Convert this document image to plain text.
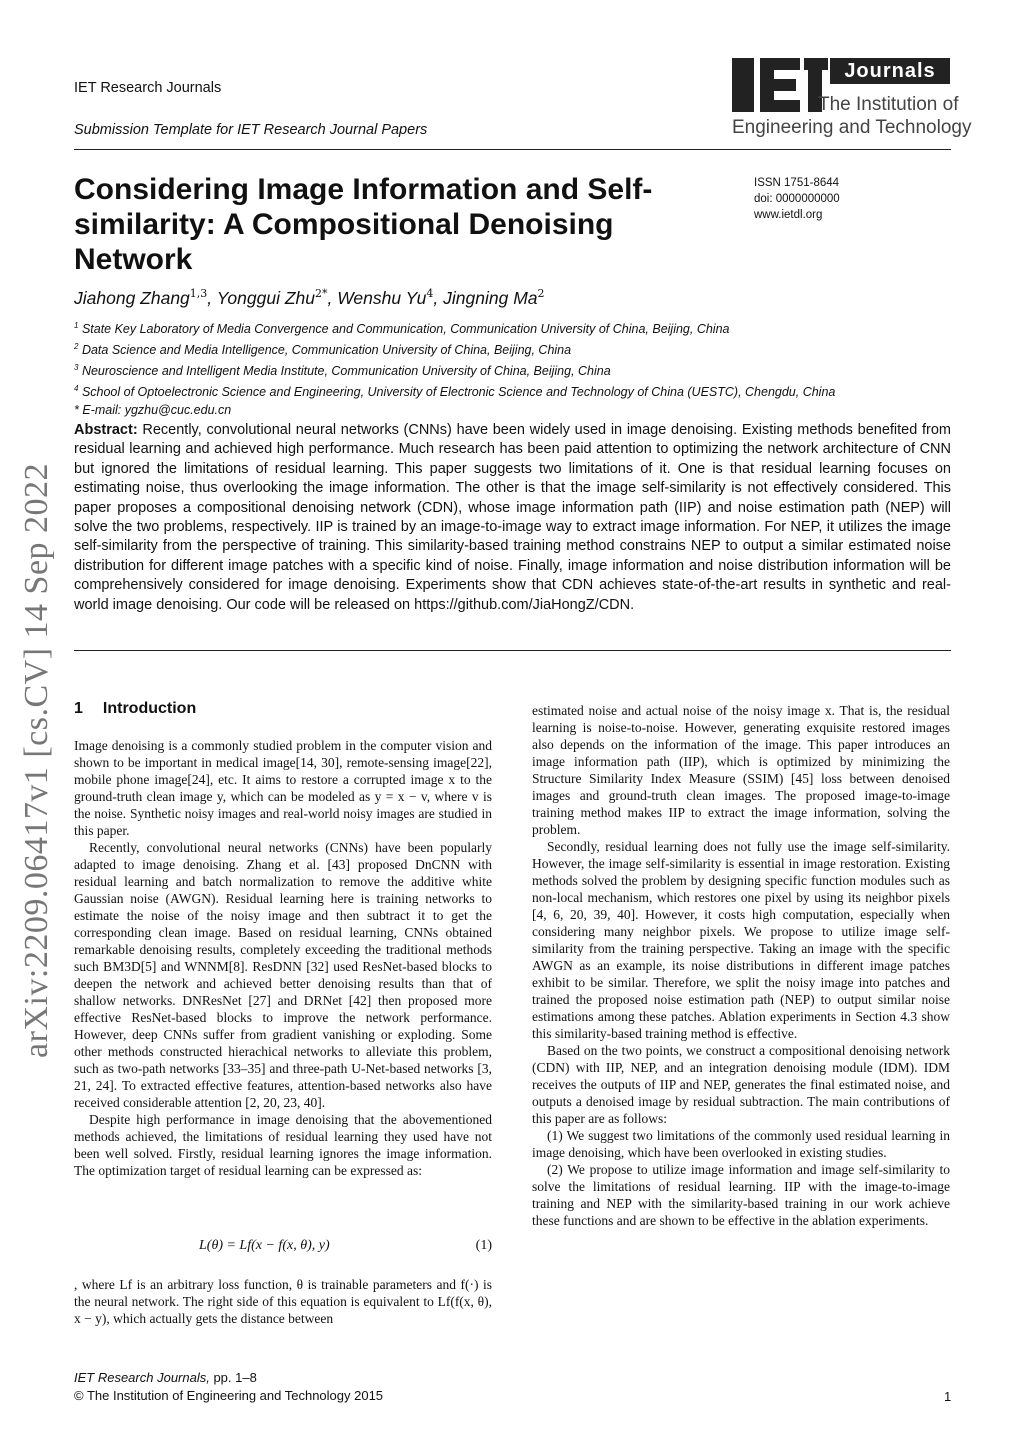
IET Research Journals
Submission Template for IET Research Journal Papers
Journals
The Institution of
Engineering and Technology
Considering Image Information and Self-similarity: A Compositional Denoising Network
ISSN 1751-8644
doi: 0000000000
www.ietdl.org
Jiahong Zhang$^{1,3}$, Yonggui Zhu$^{2*}$, Wenshu Yu$^4$, Jingning Ma$^2$
$^1$ State Key Laboratory of Media Convergence and Communication, Communication University of China, Beijing, China
$^2$ Data Science and Media Intelligence, Communication University of China, Beijing, China
$^3$ Neuroscience and Intelligent Media Institute, Communication University of China, Beijing, China
$^4$ School of Optoelectronic Science and Engineering, University of Electronic Science and Technology of China (UESTC), Chengdu, China
* E-mail: ygzhu@cuc.edu.cn
Abstract: Recently, convolutional neural networks (CNNs) have been widely used in image denoising. Existing methods benefited from residual learning and achieved high performance. Much research has been paid attention to optimizing the network architecture of CNN but ignored the limitations of residual learning. This paper suggests two limitations of it. One is that residual learning focuses on estimating noise, thus overlooking the image information. The other is that the image self-similarity is not effectively considered. This paper proposes a compositional denoising network (CDN), whose image information path (IIP) and noise estimation path (NEP) will solve the two problems, respectively. IIP is trained by an image-to-image way to extract image information. For NEP, it utilizes the image self-similarity from the perspective of training. This similarity-based training method constrains NEP to output a similar estimated noise distribution for different image patches with a specific kind of noise. Finally, image information and noise distribution information will be comprehensively considered for image denoising. Experiments show that CDN achieves state-of-the-art results in synthetic and real-world image denoising. Our code will be released on https://github.com/JiaHongZ/CDN.
arXiv:2209.06417v1 [cs.CV] 14 Sep 2022 1 Introduction

Image denoising is a commonly studied problem in the computer vision and shown to be important in medical image[14, 30], remote-sensing image[22], mobile phone image[24], etc. It aims to restore a corrupted image x to the ground-truth clean image y, which can be modeled as y = x − v, where v is the noise. Synthetic noisy images and real-world noisy images are studied in this paper.

Recently, convolutional neural networks (CNNs) have been popularly adapted to image denoising. Zhang et al. [43] proposed DnCNN with residual learning and batch normalization to remove the additive white Gaussian noise (AWGN). Residual learning here is training networks to estimate the noise of the noisy image and then subtract it to get the corresponding clean image. Based on residual learning, CNNs obtained remarkable denoising results, completely exceeding the traditional methods such BM3D[5] and WNNM[8]. ResDNN [32] used ResNet-based blocks to deepen the network and achieved better denoising results than that of shallow networks. DNResNet [27] and DRNet [42] then proposed more effective ResNet-based blocks to improve the network performance. However, deep CNNs suffer from gradient vanishing or exploding. Some other methods constructed hierachical networks to alleviate this problem, such as two-path networks [33–35] and three-path U-Net-based networks [3, 21, 24]. To extracted effective features, attention-based networks also have received considerable attention [2, 20, 23, 40].

Despite high performance in image denoising that the abovementioned methods achieved, the limitations of residual learning they used have not been well solved. Firstly, residual learning ignores the image information. The optimization target of residual learning can be expressed as:

L(θ) = Lf(x − f(x, θ), y)	(1)

, where Lf is an arbitrary loss function, θ is trainable parameters and f(·) is the neural network. The right side of this equation is equivalent to Lf(f(x, θ), x − y), which actually gets the distance between

estimated noise and actual noise of the noisy image x. That is, the residual learning is noise-to-noise. However, generating exquisite restored images also depends on the information of the image. This paper introduces an image information path (IIP), which is optimized by minimizing the Structure Similarity Index Measure (SSIM) [45] loss between denoised images and ground-truth clean images. The proposed image-to-image training method makes IIP to extract the image information, solving the problem.

Secondly, residual learning does not fully use the image self-similarity. However, the image self-similarity is essential in image restoration. Existing methods solved the problem by designing specific function modules such as non-local mechanism, which restores one pixel by using its neighbor pixels [4, 6, 20, 39, 40]. However, it costs high computation, especially when considering many neighbor pixels. We propose to utilize image self-similarity from the training perspective. Taking an image with the specific AWGN as an example, its noise distributions in different image patches exhibit to be similar. Therefore, we split the noisy image into patches and trained the proposed noise estimation path (NEP) to output similar noise estimations among these patches. Ablation experiments in Section 4.3 show this similarity-based training method is effective.

Based on the two points, we construct a compositional denoising network (CDN) with IIP, NEP, and an integration denoising module (IDM). IDM receives the outputs of IIP and NEP, generates the final estimated noise, and outputs a denoised image by residual subtraction. The main contributions of this paper are as follows:

(1) We suggest two limitations of the commonly used residual learning in image denoising, which have been overlooked in existing studies.

(2) We propose to utilize image information and image self-similarity to solve the limitations of residual learning. IIP with the image-to-image training and NEP with the similarity-based training in our work achieve these functions and are shown to be effective in the ablation experiments.

IET Research Journals, pp. 1–8
© The Institution of Engineering and Technology 2015	1
